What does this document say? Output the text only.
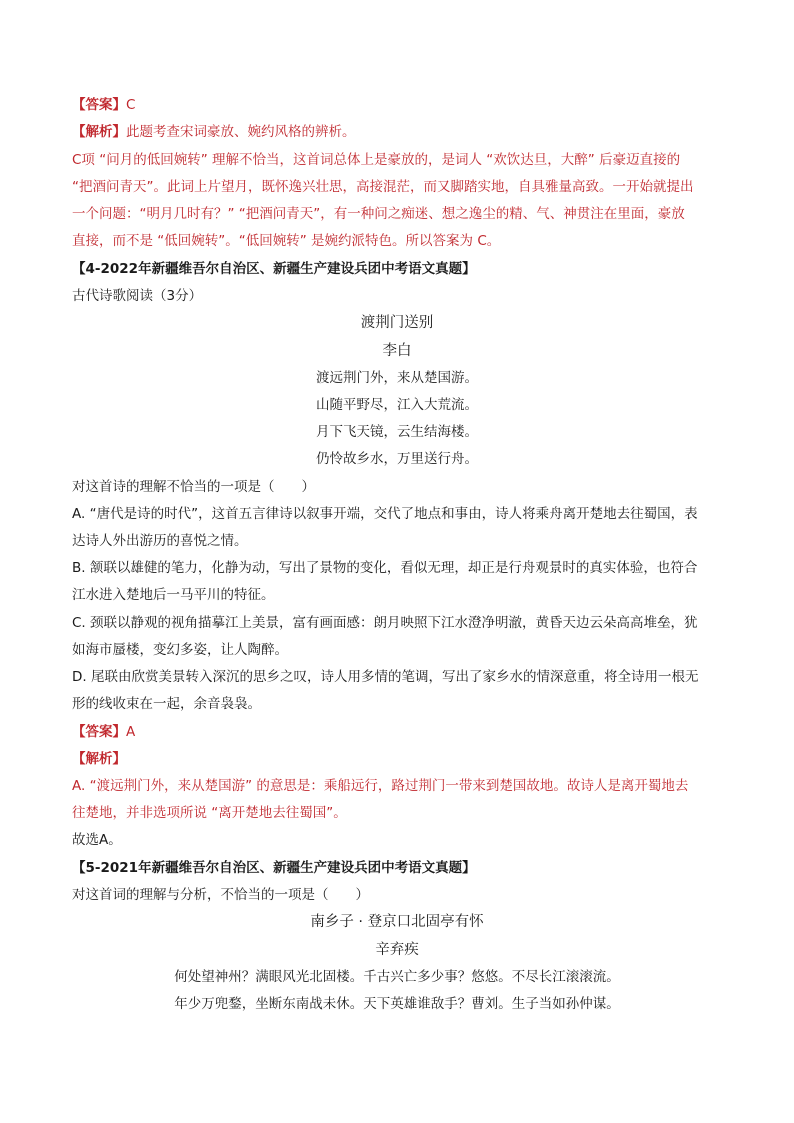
【答案】C
【解析】此题考查宋词豪放、婉约风格的辨析。
C项 “问月的低回婉转” 理解不恰当，这首词总体上是豪放的，是词人 “欢饮达旦，大醉” 后豪迈直接的
“把酒问青天”。此词上片望月，既怀逸兴壮思，高接混茫，而又脚踏实地，自具雅量高致。一开始就提出
一个问题：“明月几时有？” “把酒问青天”，有一种问之痴迷、想之逸尘的精、气、神贯注在里面，豪放
直接，而不是 “低回婉转”。“低回婉转” 是婉约派特色。所以答案为 C。
【4-2022年新疆维吾尔自治区、新疆生产建设兵团中考语文真题】
古代诗歌阅读（3分）
渡荆门送别
李白
渡远荆门外，来从楚国游。
山随平野尽，江入大荒流。
月下飞天镜，云生结海楼。
仍怜故乡水，万里送行舟。
对这首诗的理解不恰当的一项是（　　）
A. “唐代是诗的时代”，这首五言律诗以叙事开端，交代了地点和事由，诗人将乘舟离开楚地去往蜀国，表
达诗人外出游历的喜悦之情。
B. 颔联以雄健的笔力，化静为动，写出了景物的变化，看似无理，却正是行舟观景时的真实体验，也符合
江水进入楚地后一马平川的特征。
C. 颈联以静观的视角描摹江上美景，富有画面感：朗月映照下江水澄净明澈，黄昏天边云朵高高堆垒，犹
如海市蜃楼，变幻多姿，让人陶醉。
D. 尾联由欣赏美景转入深沉的思乡之叹，诗人用多情的笔调，写出了家乡水的情深意重，将全诗用一根无
形的线收束在一起，余音袅袅。
【答案】A
【解析】
A. “渡远荆门外，来从楚国游” 的意思是：乘船远行，路过荆门一带来到楚国故地。故诗人是离开蜀地去
往楚地，并非选项所说 “离开楚地去往蜀国”。
故选A。
【5-2021年新疆维吾尔自治区、新疆生产建设兵团中考语文真题】
对这首词的理解与分析，不恰当的一项是（　　）
南乡子 · 登京口北固亭有怀
辛弃疾
何处望神州？满眼风光北固楼。千古兴亡多少事？悠悠。不尽长江滚滚流。
年少万兜鍪，坐断东南战未休。天下英雄谁敌手？曹刘。生子当如孙仲谋。
